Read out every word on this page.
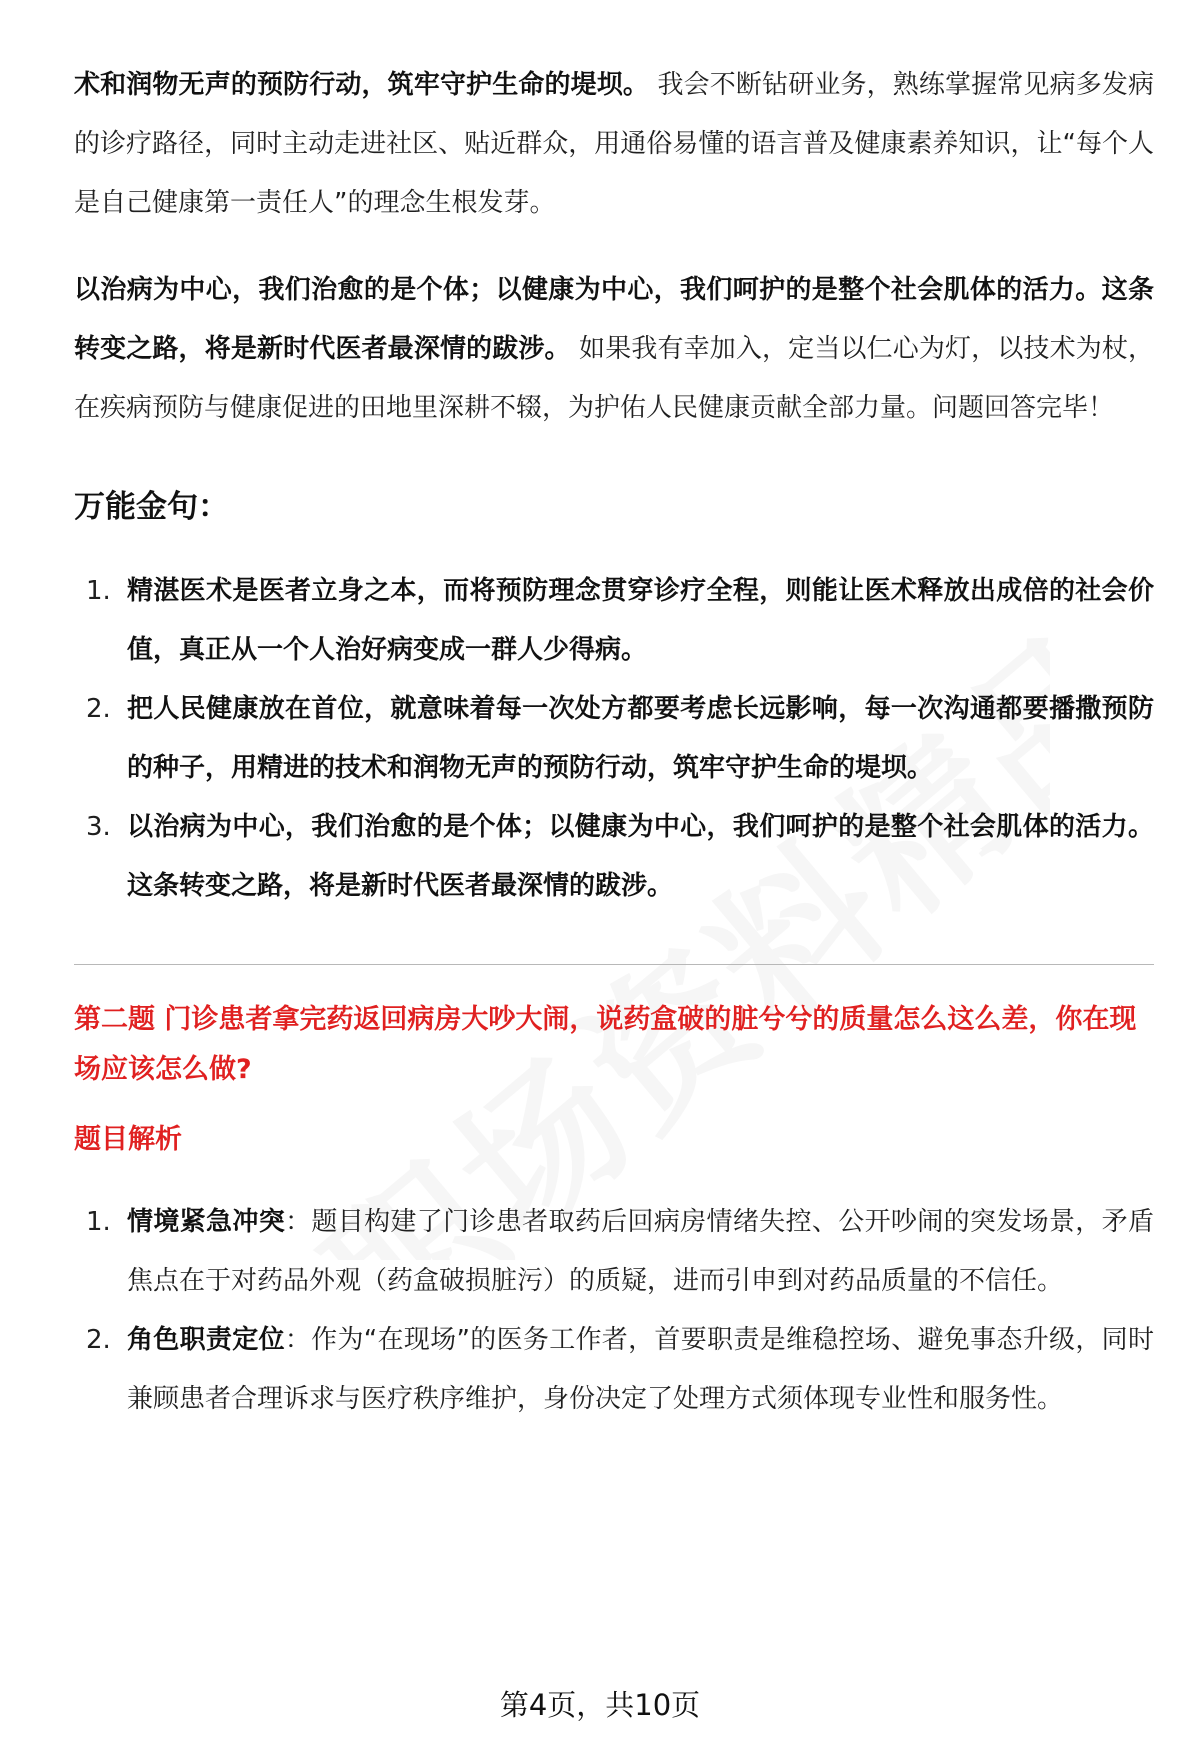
术和润物无声的预防行动，筑牢守护生命的堤坝。 我会不断钻研业务，熟练掌握常见病多发病的诊疗路径，同时主动走进社区、贴近群众，用通俗易懂的语言普及健康素养知识，让“每个人是自己健康第一责任人”的理念生根发芽。

以治病为中心，我们治愈的是个体；以健康为中心，我们呵护的是整个社会肌体的活力。这条转变之路，将是新时代医者最深情的跋涉。 如果我有幸加入，定当以仁心为灯，以技术为杖，在疾病预防与健康促进的田地里深耕不辍，为护佑人民健康贡献全部力量。问题回答完毕！

万能金句：
1. 精湛医术是医者立身之本，而将预防理念贯穿诊疗全程，则能让医术释放出成倍的社会价值，真正从一个人治好病变成一群人少得病。
2. 把人民健康放在首位，就意味着每一次处方都要考虑长远影响，每一次沟通都要播撒预防的种子，用精进的技术和润物无声的预防行动，筑牢守护生命的堤坝。
3. 以治病为中心，我们治愈的是个体；以健康为中心，我们呵护的是整个社会肌体的活力。这条转变之路，将是新时代医者最深情的跋涉。
第二题 门诊患者拿完药返回病房大吵大闹，说药盒破的脏兮兮的质量怎么这么差，你在现场应该怎么做?
题目解析
1. 情境紧急冲突：题目构建了门诊患者取药后回病房情绪失控、公开吵闹的突发场景，矛盾焦点在于对药品外观（药盒破损脏污）的质疑，进而引申到对药品质量的不信任。
2. 角色职责定位：作为“在现场”的医务工作者，首要职责是维稳控场、避免事态升级，同时兼顾患者合理诉求与医疗秩序维护，身份决定了处理方式须体现专业性和服务性。
第4页，共10页
